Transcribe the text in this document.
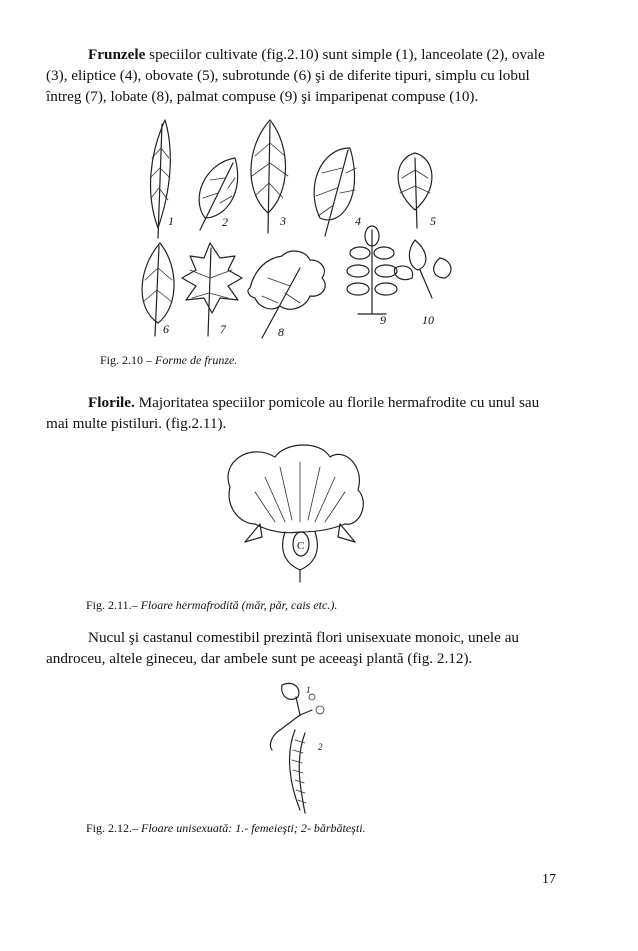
Frunzele speciilor cultivate (fig.2.10) sunt simple (1), lanceolate (2), ovale
(3), eliptice (4), obovate (5), subrotunde (6) şi de diferite tipuri, simplu cu lobul
întreg (7), lobate (8), palmat compuse (9) şi imparipenat compuse (10).
1	2	3	4	5
6	7	8
9	10
Fig. 2.10 – Forme de frunze.
Florile. Majoritatea speciilor pomicole au florile hermafrodite cu unul sau
mai multe pistiluri. (fig.2.11).
C
Fig. 2.11.– Floare hermafrodită (măr, păr, cais etc.).
Nucul şi castanul comestibil prezintă flori unisexuate monoic, unele au
androceu, altele gineceu, dar ambele sunt pe aceeaşi plantă (fig. 2.12).
1
2
Fig. 2.12.– Floare unisexuată: 1.- femeieşti; 2- bărbăteşti.
17
